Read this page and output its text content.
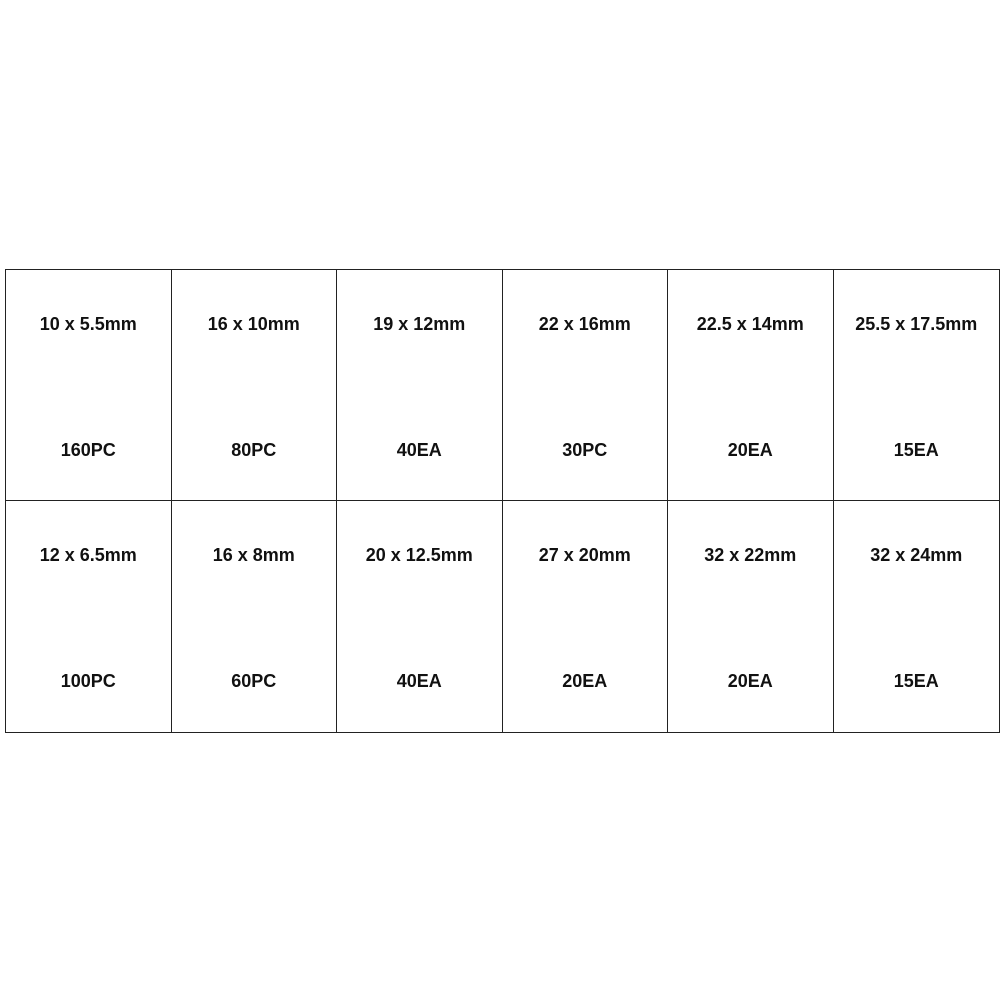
10 x 5.5mm
160PC
16 x 10mm
80PC
19 x 12mm
40EA
22 x 16mm
30PC
22.5 x 14mm
20EA
25.5 x 17.5mm
15EA
12 x 6.5mm
100PC
16 x 8mm
60PC
20 x 12.5mm
40EA
27 x 20mm
20EA
32 x 22mm
20EA
32 x 24mm
15EA
